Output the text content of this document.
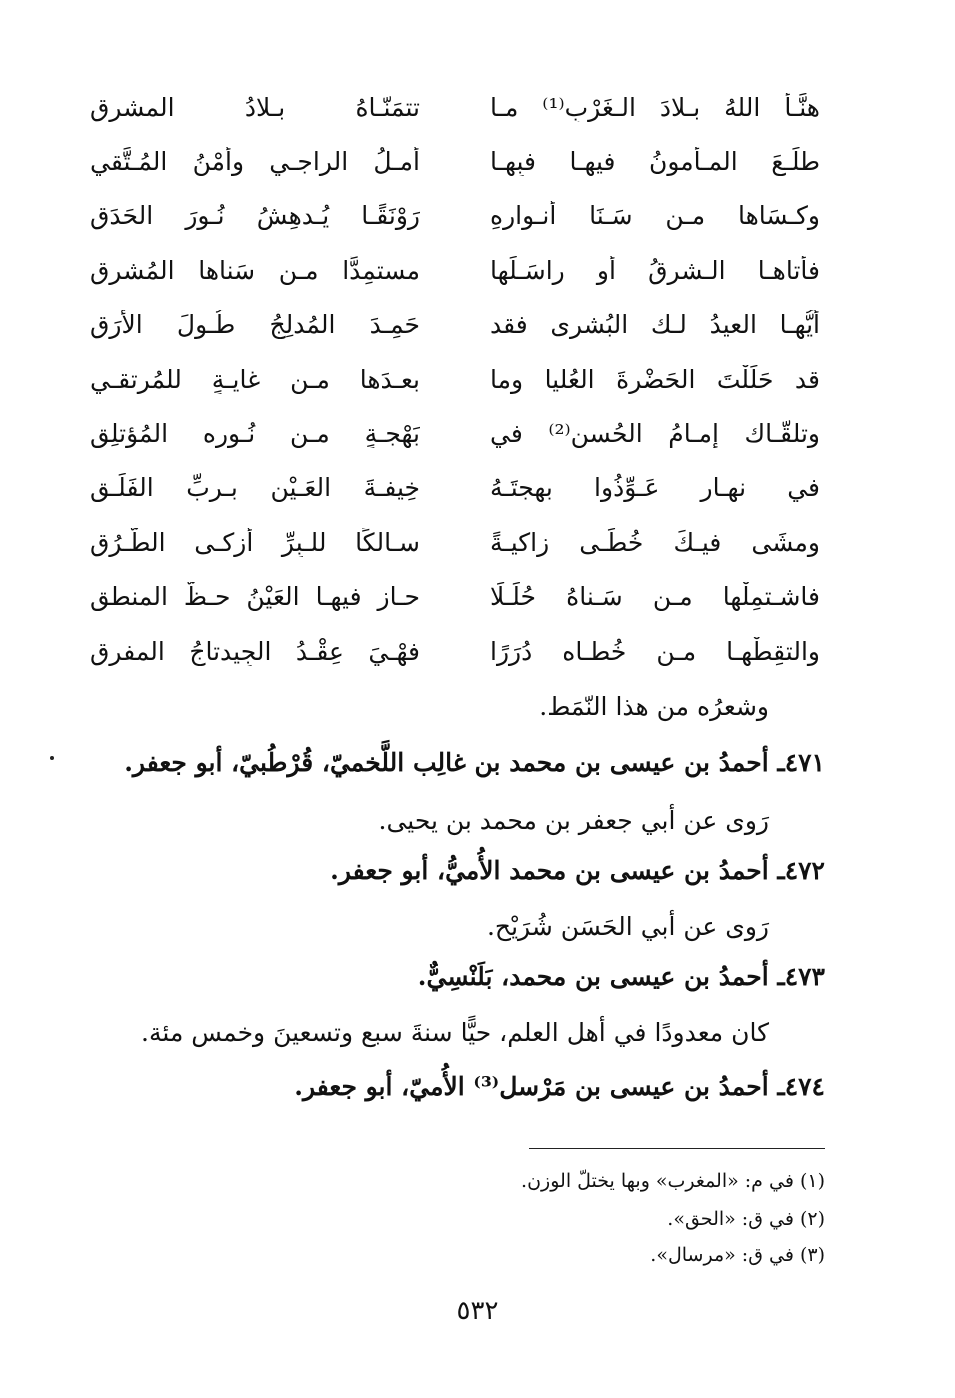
هنَّـأ اللهُ بـلادَ الـغَرْبِ⁽¹⁾ مـا
تتمَنّـاهُ بـلادُ المشرقِ
طلَـعَ المـأمونُ فيهـا فبِهـا
أمـلُ الراجـي وأمْنُ المُـتَّقي
وكـسَاها مـن سَـنَا أنـوارِهِ
رَوْنَقًـا يُـدهِشُ نُـورَ الحَدَقِ
فأتاهـا الـشرقُ أو راسَـلَها
مستمِدًّا مـن سَناها المُشرقِ
أيُّهـا العيدُ لـك البُشرى فقد
حَمِـدَ المُدلِجُ طُـولَ الأرَقِ
قد حَلَلْتَ الحَضْرةَ العُليا وما
بعـدَها مـن غايـةٍ للمُرتقـي
وتلقّـاك إمـامُ الحُسن⁽²⁾ في
بَهْجـةٍ مـن نُـوره المُؤتلِقِ
في نهـارٍ عَـوِّذُوا بهجتَـهُ
خِيفـةَ العَـيْنِ بـربِّ الفَلَـقِ
ومشَى فيـكَ خُطًـى زاكيـةً
سـالكًا للـبِرِّ أزكـى الطُّـرُقِ
فاشـتمِلْها مـن سَـناهُ حُلَـلًا
حـاز فيهـا العَيْنُ حـظَّ المنطقِ
والتقِطْهـا مـن خُطـاه دُرَرًا
فهْـيَ عِقْـدُ الجِيدتاجُ المفرِقِ
وشعرُه من هذا النّمَط.
٤٧١ـ أحمدُ بن عيسى بن محمد بن غالِب اللَّخميّ، قُرْطُبيّ، أبو جعفر.
رَوى عن أبي جعفر بن محمد بن يحيى.
٤٧٢ـ أحمدُ بن عيسى بن محمد الأُميُّ، أبو جعفر.
رَوى عن أبي الحَسَن شُرَيْح.
٤٧٣ـ أحمدُ بن عيسى بن محمد، بَلَنْسِيٌّ.
كان معدودًا في أهل العلم، حيًّا سنةَ سبع وتسعينَ وخمس مئة.
٤٧٤ـ أحمدُ بن عيسى بن مَرْسل⁽³⁾ الأُميّ، أبو جعفر.
(١) في م: «المغرب» وبها يختلّ الوزن.
(٢) في ق: «الحق».
(٣) في ق: «مرسال».
٥٣٢
